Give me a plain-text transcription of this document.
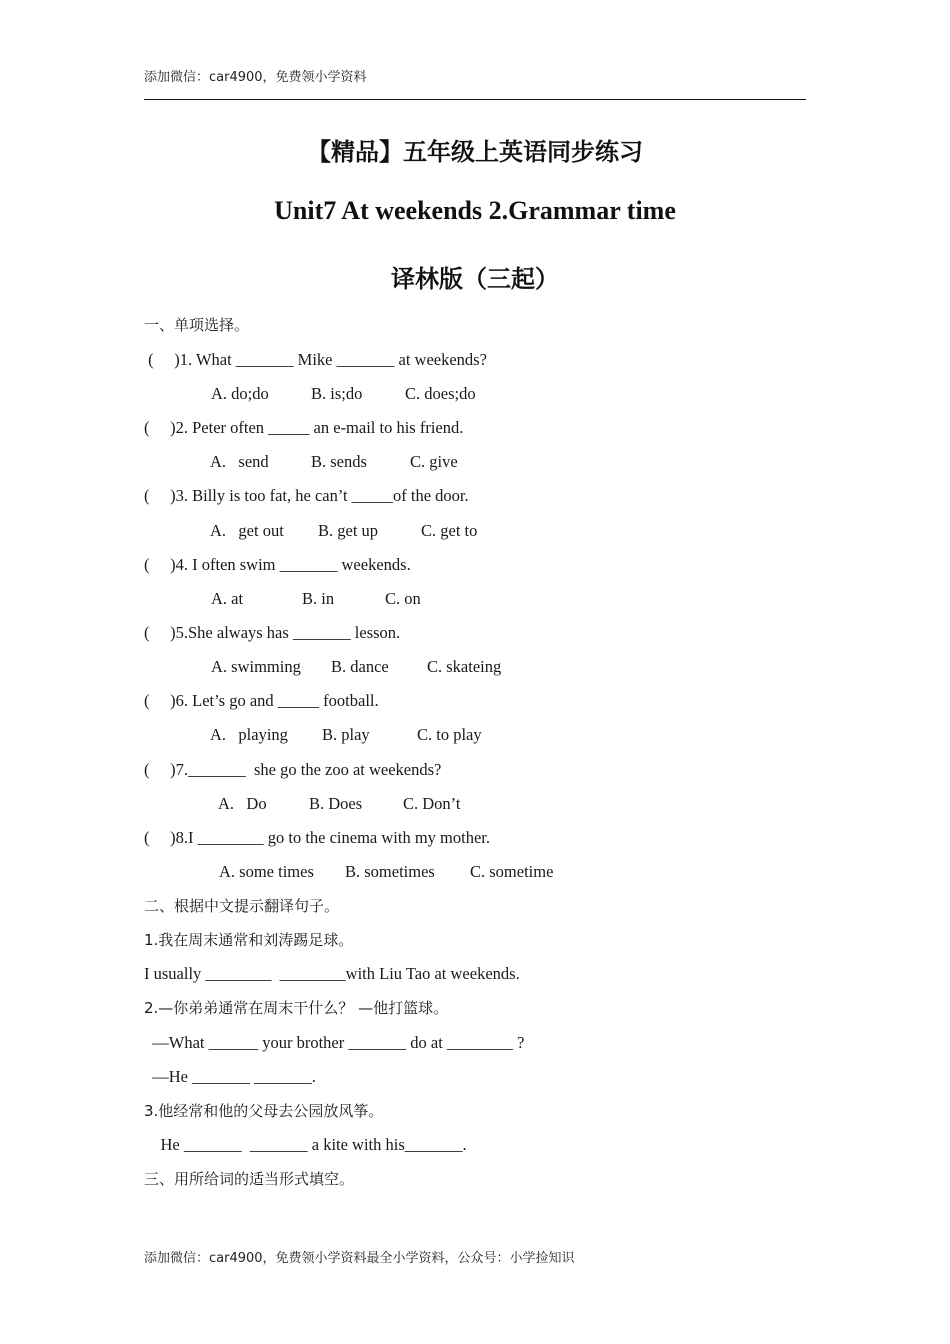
添加微信：car4900，免费领小学资料
【精品】五年级上英语同步练习
Unit7 At weekends 2.Grammar time
译林版（三起）
一、单项选择。
(     )1. What _______ Mike _______ at weekends?
A. do;do	B. is;do	C. does;do
(     )2. Peter often _____ an e-mail to his friend.
A.   send	B. sends	C. give
(     )3. Billy is too fat, he can’t _____of the door.
A.   get out B. get up	C. get to
(     )4. I often swim _______ weekends.
A. at	B. in	C. on
(     )5.She always has _______ lesson.
A. swimming B. dance C. skateing
(     )6. Let’s go and _____ football.
A.   playing B. play	C. to play
(     )7._______  she go the zoo at weekends?
A.   Do	B. Does C. Don’t
(     )8.I ________ go to the cinema with my mother.
A. some times B. sometimes C. sometime
二、根据中文提示翻译句子。
1.我在周末通常和刘涛踢足球。
I usually ________  ________with Liu Tao at weekends.
2.—你弟弟通常在周末干什么？ —他打篮球。
—What ______ your brother _______ do at ________ ?
—He _______ _______.
3.他经常和他的父母去公园放风筝。
He _______  _______ a kite with his_______.
三、用所给词的适当形式填空。
添加微信：car4900，免费领小学资料最全小学资料，公众号：小学捡知识
